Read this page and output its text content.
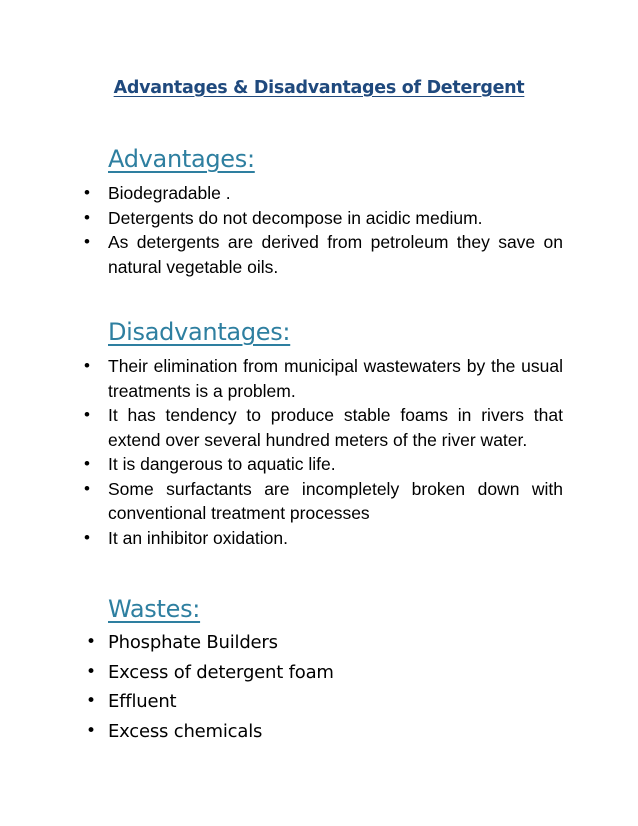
Advantages & Disadvantages of Detergent
Advantages:
• Biodegradable .
• Detergents do not decompose in acidic medium.
• As detergents are derived from petroleum they save on natural vegetable oils.
Disadvantages:
• Their elimination from municipal wastewaters by the usual treatments is a problem.
• It has tendency to produce stable foams in rivers that extend over several hundred meters of the river water.
• It is dangerous to aquatic life.
• Some surfactants are incompletely broken down with conventional treatment processes
• It an inhibitor oxidation.
Wastes:
• Phosphate Builders
• Excess of detergent foam
• Effluent
• Excess chemicals
